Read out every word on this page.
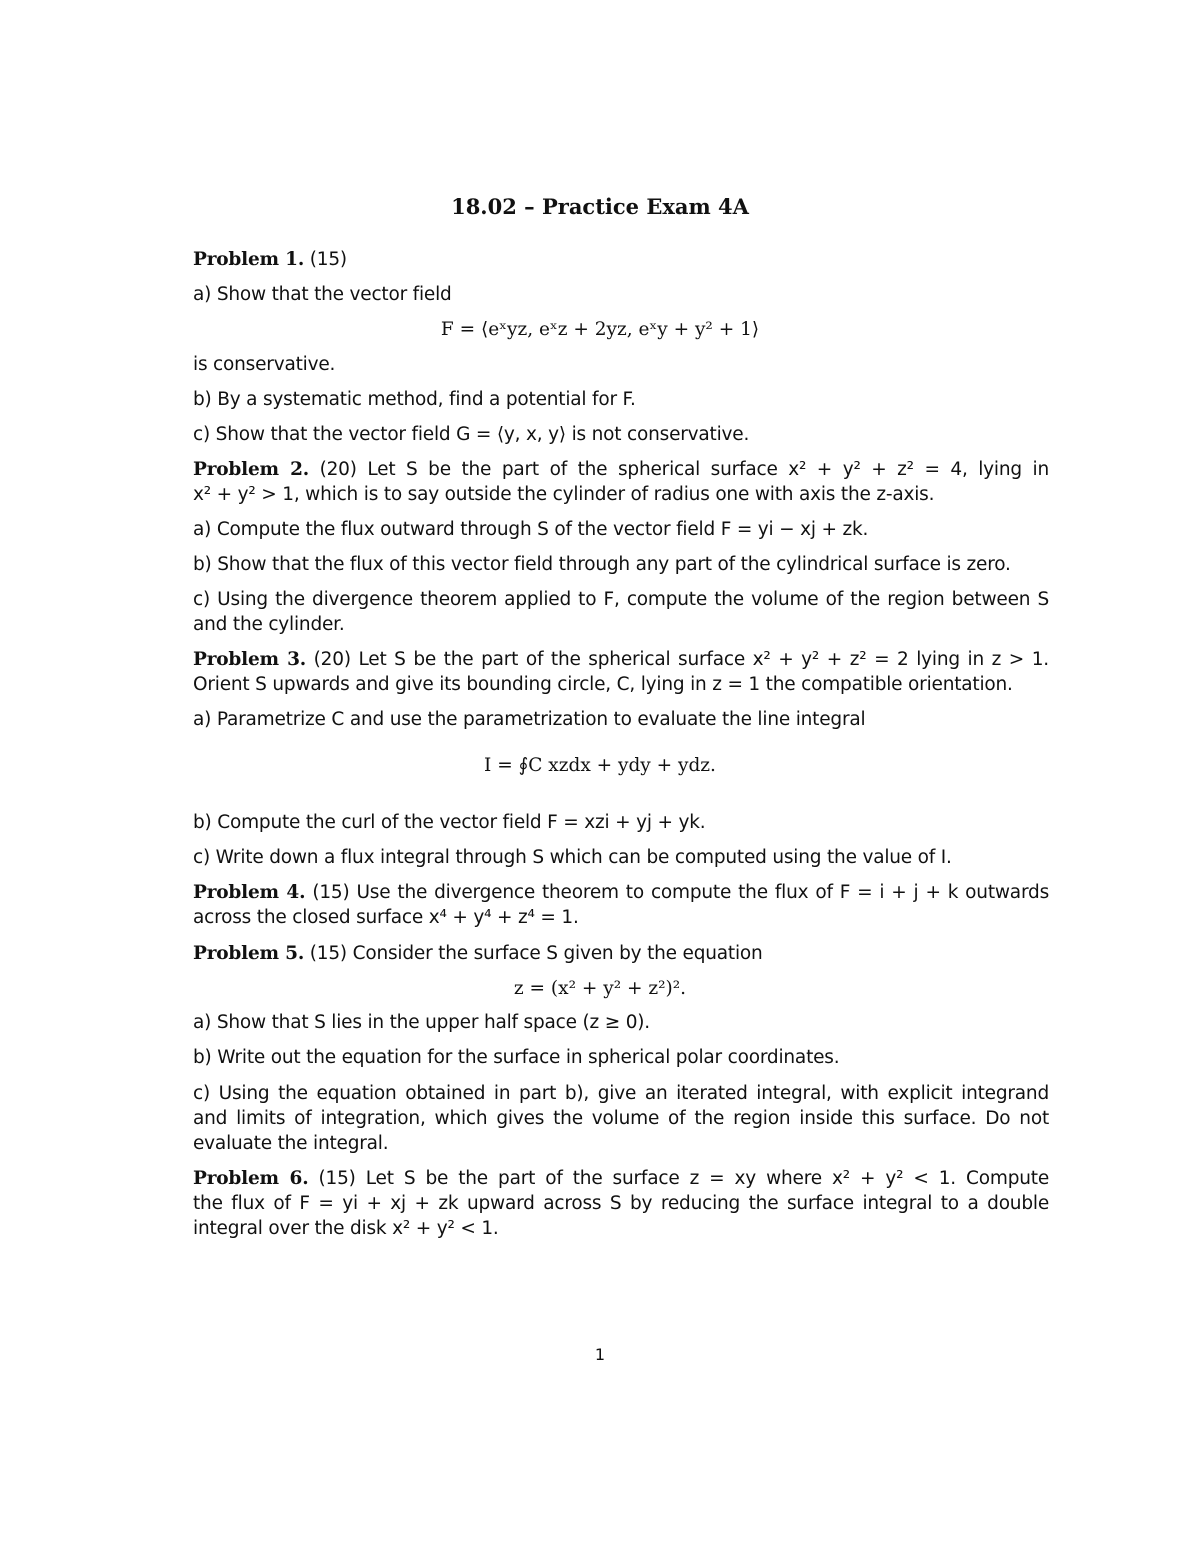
18.02 – Practice Exam 4A
Problem 1. (15)
a) Show that the vector field
F = ⟨eˣyz, eˣz + 2yz, eˣy + y² + 1⟩
is conservative.
b) By a systematic method, find a potential for F.
c) Show that the vector field G = ⟨y, x, y⟩ is not conservative.
Problem 2. (20) Let S be the part of the spherical surface x² + y² + z² = 4, lying in
x² + y² > 1, which is to say outside the cylinder of radius one with axis the z-axis.
a) Compute the flux outward through S of the vector field F = yi − xj + zk.
b) Show that the flux of this vector field through any part of the cylindrical surface is zero.
c) Using the divergence theorem applied to F, compute the volume of the region between S
and the cylinder.
Problem 3. (20) Let S be the part of the spherical surface x² + y² + z² = 2 lying in z > 1.
Orient S upwards and give its bounding circle, C, lying in z = 1 the compatible orientation.
a) Parametrize C and use the parametrization to evaluate the line integral
I = ∮C xzdx + ydy + ydz.
b) Compute the curl of the vector field F = xzi + yj + yk.
c) Write down a flux integral through S which can be computed using the value of I.
Problem 4. (15) Use the divergence theorem to compute the flux of F = i + j + k outwards
across the closed surface x⁴ + y⁴ + z⁴ = 1.
Problem 5. (15) Consider the surface S given by the equation
z = (x² + y² + z²)².
a) Show that S lies in the upper half space (z ≥ 0).
b) Write out the equation for the surface in spherical polar coordinates.
c) Using the equation obtained in part b), give an iterated integral, with explicit integrand
and limits of integration, which gives the volume of the region inside this surface. Do not
evaluate the integral.
Problem 6. (15) Let S be the part of the surface z = xy where x² + y² < 1. Compute
the flux of F = yi + xj + zk upward across S by reducing the surface integral to a double
integral over the disk x² + y² < 1.
1
